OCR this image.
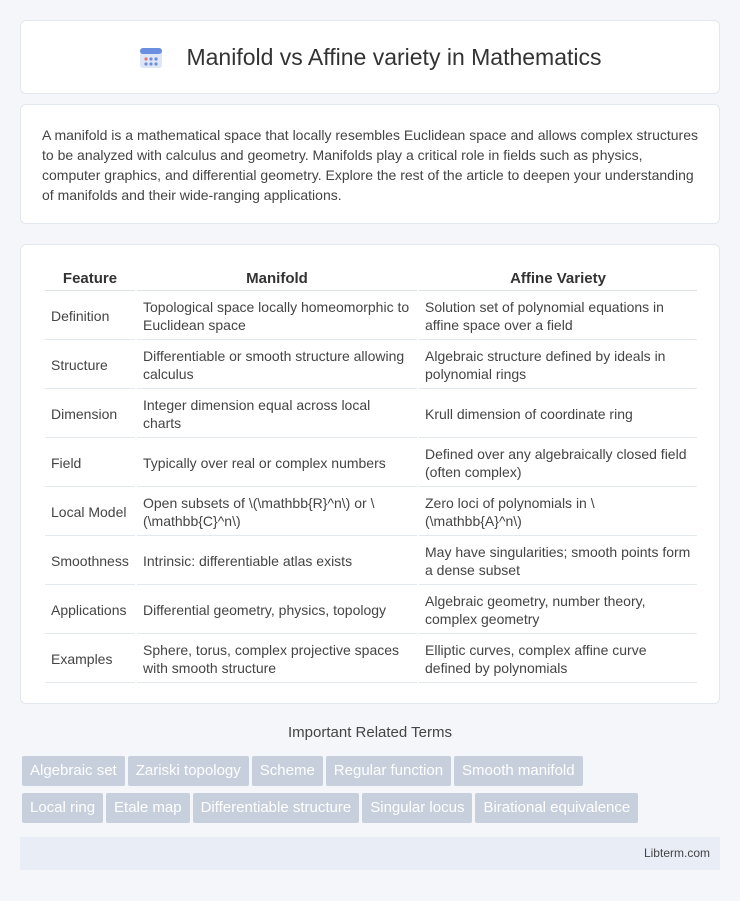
Manifold vs Affine variety in Mathematics
A manifold is a mathematical space that locally resembles Euclidean space and allows complex structures to be analyzed with calculus and geometry. Manifolds play a critical role in fields such as physics, computer graphics, and differential geometry. Explore the rest of the article to deepen your understanding of manifolds and their wide-ranging applications.
Feature	Manifold	Affine Variety
Definition	Topological space locally homeomorphic to Euclidean space	Solution set of polynomial equations in affine space over a field
Structure	Differentiable or smooth structure allowing calculus	Algebraic structure defined by ideals in polynomial rings
Dimension	Integer dimension equal across local charts	Krull dimension of coordinate ring
Field	Typically over real or complex numbers	Defined over any algebraically closed field (often complex)
Local Model	Open subsets of \(\mathbb{R}^n\) or \(\mathbb{C}^n\)	Zero loci of polynomials in \(\mathbb{A}^n\)
Smoothness	Intrinsic: differentiable atlas exists	May have singularities; smooth points form a dense subset
Applications	Differential geometry, physics, topology	Algebraic geometry, number theory, complex geometry
Examples	Sphere, torus, complex projective spaces with smooth structure	Elliptic curves, complex affine curve defined by polynomials
Important Related Terms
Algebraic set	Zariski topology	Scheme	Regular function	Smooth manifold
Local ring	Etale map	Differentiable structure	Singular locus	Birational equivalence
Libterm.com
